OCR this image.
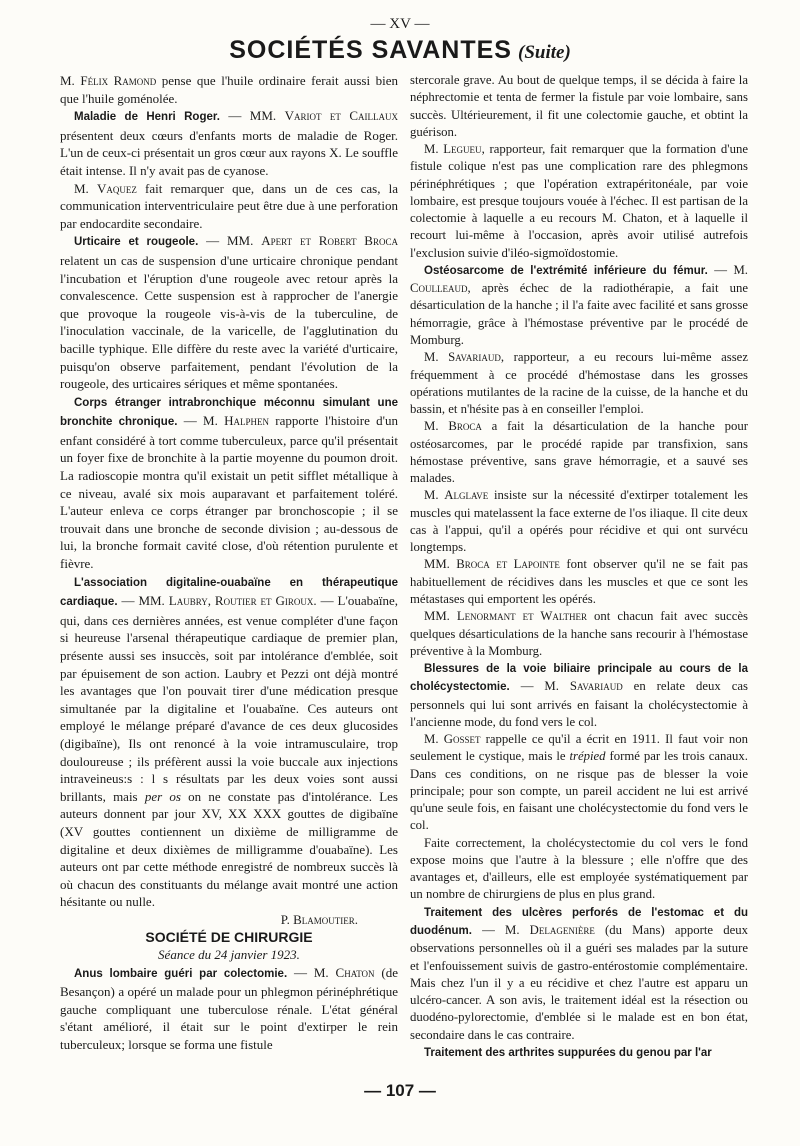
— XV —
SOCIÉTÉS SAVANTES (Suite)

M. Félix Ramond pense que l'huile ordinaire ferait aussi bien que l'huile goménolée.

Maladie de Henri Roger. — MM. Variot et Caillaux présentent deux cœurs d'enfants morts de maladie de Roger. L'un de ceux-ci présentait un gros cœur aux rayons X. Le souffle était intense. Il n'y avait pas de cyanose.

M. Vaquez fait remarquer que, dans un de ces cas, la communication interventriculaire peut être due à une perforation par endocardite secondaire.

Urticaire et rougeole. — MM. Apert et Robert Broca relatent un cas de suspension d'une urticaire chronique pendant l'incubation et l'éruption d'une rougeole avec retour après la convalescence. Cette suspension est à rapprocher de l'anergie que provoque la rougeole vis-à-vis de la tuberculine, de l'inoculation vaccinale, de la varicelle, de l'agglutination du bacille typhique. Elle diffère du reste avec la variété d'urticaire, puisqu'on observe parfaitement, pendant l'évolution de la rougeole, des urticaires sériques et même spontanées.

Corps étranger intrabronchique méconnu simulant une bronchite chronique. — M. Halphen rapporte l'histoire d'un enfant considéré à tort comme tuberculeux, parce qu'il présentait un foyer fixe de bronchite à la partie moyenne du poumon droit. La radioscopie montra qu'il existait un petit sifflet métallique à ce niveau, avalé six mois auparavant et parfaitement toléré. L'auteur enleva ce corps étranger par bronchoscopie ; il se trouvait dans une bronche de seconde division ; au-dessous de lui, la bronche formait cavité close, d'où rétention purulente et fièvre.

L'association digitaline-ouabaïne en thérapeutique cardiaque. — MM. Laubry, Routier et Giroux. — L'ouabaïne, qui, dans ces dernières années, est venue compléter d'une façon si heureuse l'arsenal thérapeutique cardiaque de premier plan, présente aussi ses insuccès, soit par intolérance d'emblée, soit par épuisement de son action. Laubry et Pezzi ont déjà montré les avantages que l'on pouvait tirer d'une médication presque simultanée par la digitaline et l'ouabaïne. Ces auteurs ont employé le mélange préparé d'avance de ces deux glucosides (digibaïne), Ils ont renoncé à la voie intramusculaire, trop douloureuse ; ils préfèrent aussi la voie buccale aux injections intraveineus:s : l s résultats par les deux voies sont aussi brillants, mais per os on ne constate pas d'intolérance. Les auteurs donnent par jour XV, XX XXX gouttes de digibaïne (XV gouttes contiennent un dixième de milligramme de digitaline et deux dixièmes de milligramme d'ouabaïne). Les auteurs ont par cette méthode enregistré de nombreux succès là où chacun des constituants du mélange avait montré une action hésitante ou nulle.

P. Blamoutier.

SOCIÉTÉ DE CHIRURGIE

Séance du 24 janvier 1923.

Anus lombaire guéri par colectomie. — M. Chaton (de Besançon) a opéré un malade pour un phlegmon périnéphrétique gauche compliquant une tuberculose rénale. L'état général s'étant amélioré, il était sur le point d'extirper le rein tuberculeux; lorsque se forma une fistule

stercorale grave. Au bout de quelque temps, il se décida à faire la néphrectomie et tenta de fermer la fistule par voie lombaire, sans succès. Ultérieurement, il fit une colectomie gauche, et obtint la guérison.

M. Legueu, rapporteur, fait remarquer que la formation d'une fistule colique n'est pas une complication rare des phlegmons périnéphrétiques ; que l'opération extrapéritonéale, par voie lombaire, est presque toujours vouée à l'échec. Il est partisan de la colectomie à laquelle a eu recours M. Chaton, et à laquelle il recourt lui-même à l'occasion, après avoir utilisé autrefois l'exclusion suivie d'iléo-sigmoïdostomie.

Ostéosarcome de l'extrémité inférieure du fémur. — M. Coulleaud, après échec de la radiothérapie, a fait une désarticulation de la hanche ; il l'a faite avec facilité et sans grosse hémorragie, grâce à l'hémostase préventive par le procédé de Momburg.

M. Savariaud, rapporteur, a eu recours lui-même assez fréquemment à ce procédé d'hémostase dans les grosses opérations mutilantes de la racine de la cuisse, de la hanche et du bassin, et n'hésite pas à en conseiller l'emploi.

M. Broca a fait la désarticulation de la hanche pour ostéosarcomes, par le procédé rapide par transfixion, sans hémostase préventive, sans grave hémorragie, et a sauvé ses malades.

M. Alglave insiste sur la nécessité d'extirper totalement les muscles qui matelassent la face externe de l'os iliaque. Il cite deux cas à l'appui, qu'il a opérés pour récidive et qui ont survécu longtemps.

MM. Broca et Lapointe font observer qu'il ne se fait pas habituellement de récidives dans les muscles et que ce sont les métastases qui emportent les opérés.

MM. Lenormant et Walther ont chacun fait avec succès quelques désarticulations de la hanche sans recourir à l'hémostase préventive à la Momburg.

Blessures de la voie biliaire principale au cours de la cholécystectomie. — M. Savariaud en relate deux cas personnels qui lui sont arrivés en faisant la cholécystectomie à l'ancienne mode, du fond vers le col.

M. Gosset rappelle ce qu'il a écrit en 1911. Il faut voir non seulement le cystique, mais le trépied formé par les trois canaux. Dans ces conditions, on ne risque pas de blesser la voie principale; pour son compte, un pareil accident ne lui est arrivé qu'une seule fois, en faisant une cholécystectomie du fond vers le col.

Faite correctement, la cholécystectomie du col vers le fond expose moins que l'autre à la blessure ; elle n'offre que des avantages et, d'ailleurs, elle est employée systématiquement par un nombre de chirurgiens de plus en plus grand.

Traitement des ulcères perforés de l'estomac et du duodénum. — M. Delagenière (du Mans) apporte deux observations personnelles où il a guéri ses malades par la suture et l'enfouissement suivis de gastro-entérostomie complémentaire. Mais chez l'un il y a eu récidive et chez l'autre est apparu un ulcéro-cancer. A son avis, le traitement idéal est la résection ou duodéno-pylorectomie, d'emblée si le malade est en bon état, secondaire dans le cas contraire.

Traitement des arthrites suppurées du genou par l'ar

— 107 —
